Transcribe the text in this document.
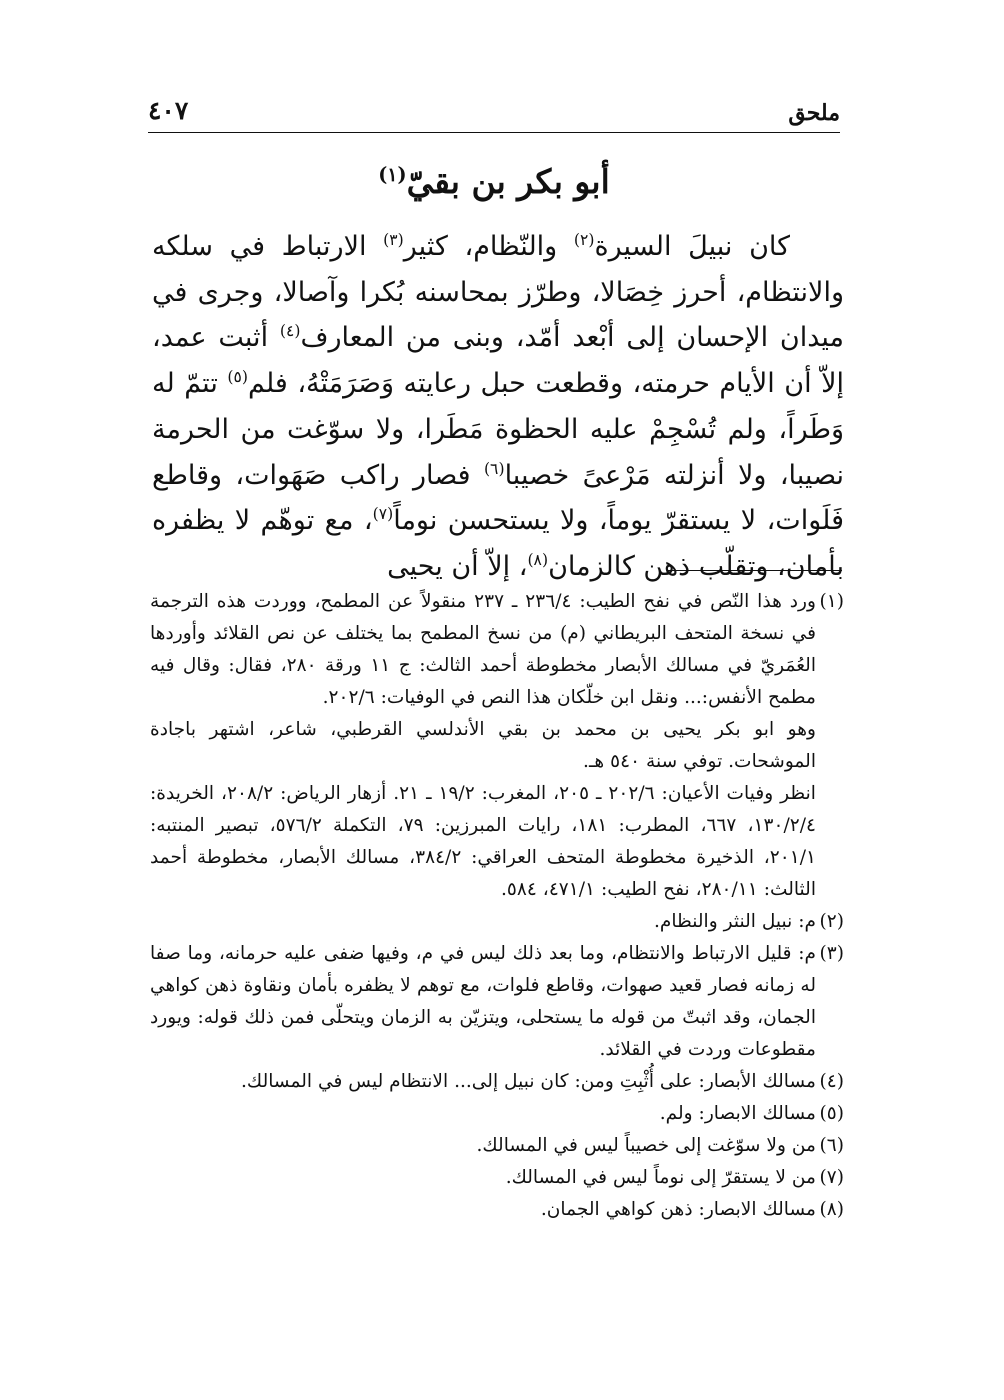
ملحق
٤٠٧
أبو بكر بن بقيّ$^{(١)}$

كان نبيلَ السيرة$^{(٢)}$ والنّظام، كثير$^{(٣)}$ الارتباط في سلكه والانتظام، أحرز خِصَالا، وطرّز بمحاسنه بُكرا وآصالا، وجرى في ميدان الإحسان إلى أبْعد أمّد، وبنى من المعارف$^{(٤)}$ أثبت عمد، إلاّ أن الأيام حرمته، وقطعت حبل رعايته وَصَرَمَتْهُ، فلم$^{(٥)}$ تتمّ له وَطَراً، ولم تُسْجِمْ عليه الحظوة مَطَرا، ولا سوّغت من الحرمة نصيبا، ولا أنزلته مَرْعىً خصيبا$^{(٦)}$ فصار راكب صَهَوات، وقاطع فَلَوات، لا يستقرّ يوماً، ولا يستحسن نوماً$^{(٧)}$، مع توهّم لا يظفره بأمان، وتقلّب ذهن كالزمان$^{(٨)}$، إلاّ أن يحيى

(١)

ورد هذا النّص في نفح الطيب: ٢٣٦/٤ ـ ٢٣٧ منقولاً عن المطمح، ووردت هذه الترجمة في نسخة المتحف البريطاني (م) من نسخ المطمح بما يختلف عن نص القلائد وأوردها العُمَريّ في مسالك الأبصار مخطوطة أحمد الثالث: ج ١١ ورقة ٢٨٠، فقال: وقال فيه مطمح الأنفس:... ونقل ابن خلّكان هذا النص في الوفيات: ٢٠٢/٦.

وهو ابو بكر يحيى بن محمد بن بقي الأندلسي القرطبي، شاعر، اشتهر باجادة الموشحات. توفي سنة ٥٤٠ هـ.

انظر وفيات الأعيان: ٢٠٢/٦ ـ ٢٠٥، المغرب: ١٩/٢ ـ ٢١. أزهار الرياض: ٢٠٨/٢، الخريدة: ١٣٠/٢/٤، ٦٦٧، المطرب: ١٨١، رايات المبرزين: ٧٩، التكملة ٥٧٦/٢، تبصير المنتبه: ٢٠١/١، الذخيرة مخطوطة المتحف العراقي: ٣٨٤/٢، مسالك الأبصار، مخطوطة أحمد الثالث: ٢٨٠/١١، نفح الطيب: ٤٧١/١، ٥٨٤.

(٢)
م: نبيل النثر والنظام.
(٣)
م: قليل الارتباط والانتظام، وما بعد ذلك ليس في م، وفيها ضفى عليه حرمانه، وما صفا له زمانه فصار قعيد صهوات، وقاطع فلوات، مع توهم لا يظفره بأمان ونقاوة ذهن كواهي الجمان، وقد اثبتّ من قوله ما يستحلى، ويتزيّن به الزمان ويتحلّى فمن ذلك قوله: ويورد مقطوعات وردت في القلائد.
(٤)
مسالك الأبصار: على أُثْبِتِ ومن: كان نبيل إلى... الانتظام ليس في المسالك.
(٥)
مسالك الابصار: ولم.
(٦)
من ولا سوّغت إلى خصيباً ليس في المسالك.
(٧)
من لا يستقرّ إلى نوماً ليس في المسالك.
(٨)
مسالك الابصار: ذهن كواهي الجمان.
